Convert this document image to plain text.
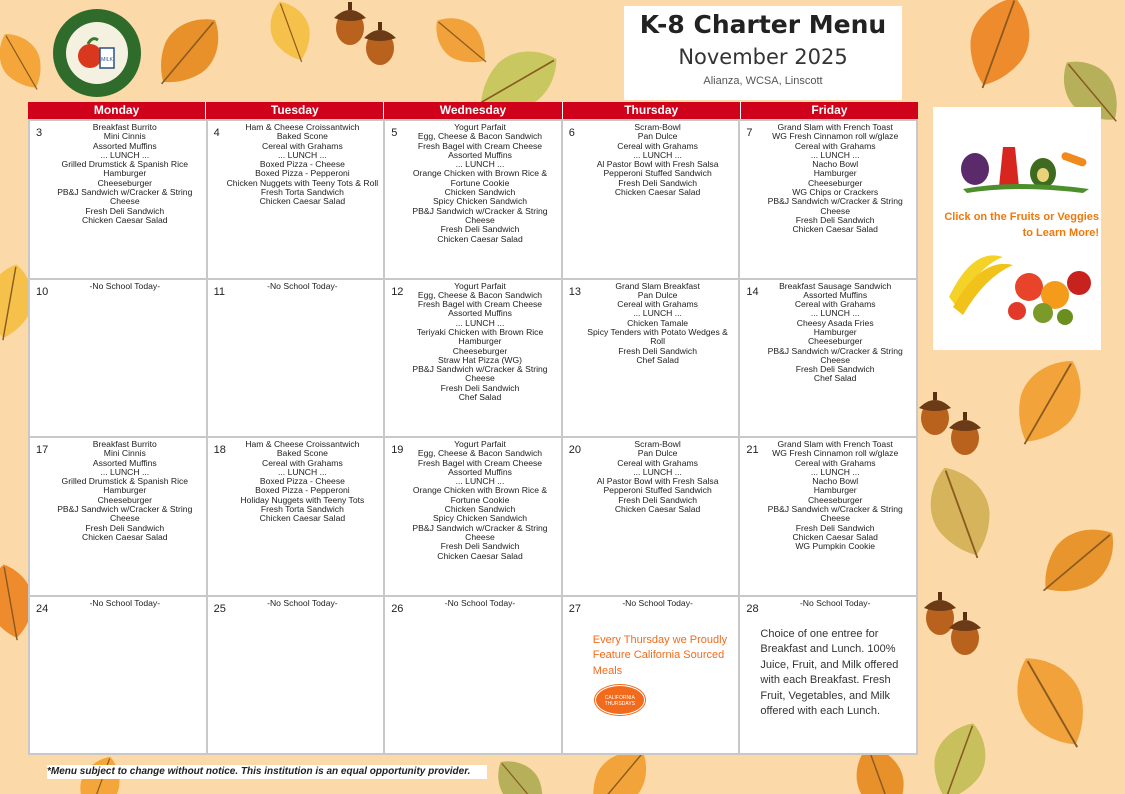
MILK
K-8 Charter Menu
November 2025
Alianza, WCSA, Linscott
Monday	Tuesday	Wednesday	Thursday	Friday
3	Breakfast Burrito
Mini Cinnis
Assorted Muffins
... LUNCH ...
Grilled Drumstick & Spanish Rice
Hamburger
Cheeseburger
PB&J Sandwich w/Cracker & String Cheese
Fresh Deli Sandwich
Chicken Caesar Salad
4	Ham & Cheese Croissantwich
Baked Scone
Cereal with Grahams
... LUNCH ...
Boxed Pizza - Cheese
Boxed Pizza - Pepperoni
Chicken Nuggets with Teeny Tots & Roll
Fresh Torta Sandwich
Chicken Caesar Salad
5	Yogurt Parfait
Egg, Cheese & Bacon Sandwich
Fresh Bagel with Cream Cheese
Assorted Muffins
... LUNCH ...
Orange Chicken with Brown Rice & Fortune Cookie
Chicken Sandwich
Spicy Chicken Sandwich
PB&J Sandwich w/Cracker & String Cheese
Fresh Deli Sandwich
Chicken Caesar Salad
6	Scram-Bowl
Pan Dulce
Cereal with Grahams
... LUNCH ...
Al Pastor Bowl with Fresh Salsa
Pepperoni Stuffed Sandwich
Fresh Deli Sandwich
Chicken Caesar Salad
7	Grand Slam with French Toast
WG Fresh Cinnamon roll w/glaze
Cereal with Grahams
... LUNCH ...
Nacho Bowl
Hamburger
Cheeseburger
WG Chips or Crackers
PB&J Sandwich w/Cracker & String Cheese
Fresh Deli Sandwich
Chicken Caesar Salad
10	-No School Today-	11	-No School Today-	12	Yogurt Parfait
Egg, Cheese & Bacon Sandwich
Fresh Bagel with Cream Cheese
Assorted Muffins
... LUNCH ...
Teriyaki Chicken with Brown Rice
Hamburger
Cheeseburger
Straw Hat Pizza (WG)
PB&J Sandwich w/Cracker & String Cheese
Fresh Deli Sandwich
Chef Salad
13	Grand Slam Breakfast
Pan Dulce
Cereal with Grahams
... LUNCH ...
Chicken Tamale
Spicy Tenders with Potato Wedges & Roll
Fresh Deli Sandwich
Chef Salad
14	Breakfast Sausage Sandwich
Assorted Muffins
Cereal with Grahams
... LUNCH ...
Cheesy Asada Fries
Hamburger
Cheeseburger
PB&J Sandwich w/Cracker & String Cheese
Fresh Deli Sandwich
Chef Salad
17	Breakfast Burrito
Mini Cinnis
Assorted Muffins
... LUNCH ...
Grilled Drumstick & Spanish Rice
Hamburger
Cheeseburger
PB&J Sandwich w/Cracker & String Cheese
Fresh Deli Sandwich
Chicken Caesar Salad
18	Ham & Cheese Croissantwich
Baked Scone
Cereal with Grahams
... LUNCH ...
Boxed Pizza - Cheese
Boxed Pizza - Pepperoni
Holiday Nuggets with Teeny Tots
Fresh Torta Sandwich
Chicken Caesar Salad
19	Yogurt Parfait
Egg, Cheese & Bacon Sandwich
Fresh Bagel with Cream Cheese
Assorted Muffins
... LUNCH ...
Orange Chicken with Brown Rice & Fortune Cookie
Chicken Sandwich
Spicy Chicken Sandwich
PB&J Sandwich w/Cracker & String Cheese
Fresh Deli Sandwich
Chicken Caesar Salad
20	Scram-Bowl
Pan Dulce
Cereal with Grahams
... LUNCH ...
Al Pastor Bowl with Fresh Salsa
Pepperoni Stuffed Sandwich
Fresh Deli Sandwich
Chicken Caesar Salad
21	Grand Slam with French Toast
WG Fresh Cinnamon roll w/glaze
Cereal with Grahams
... LUNCH ...
Nacho Bowl
Hamburger
Cheeseburger
PB&J Sandwich w/Cracker & String Cheese
Fresh Deli Sandwich
Chicken Caesar Salad
WG Pumpkin Cookie
24	-No School Today-	25	-No School Today-	26	-No School Today-	27	-No School Today-
Every Thursday we Proudly Feature California Sourced Meals
CALIFORNIA THURSDAYS
28	-No School Today-
Choice of one entree for Breakfast and Lunch. 100% Juice, Fruit, and Milk offered with each Breakfast. Fresh Fruit, Vegetables, and Milk offered with each Lunch.
Click on the Fruits or Veggies to Learn More!
*Menu subject to change without notice. This institution is an equal opportunity provider.
